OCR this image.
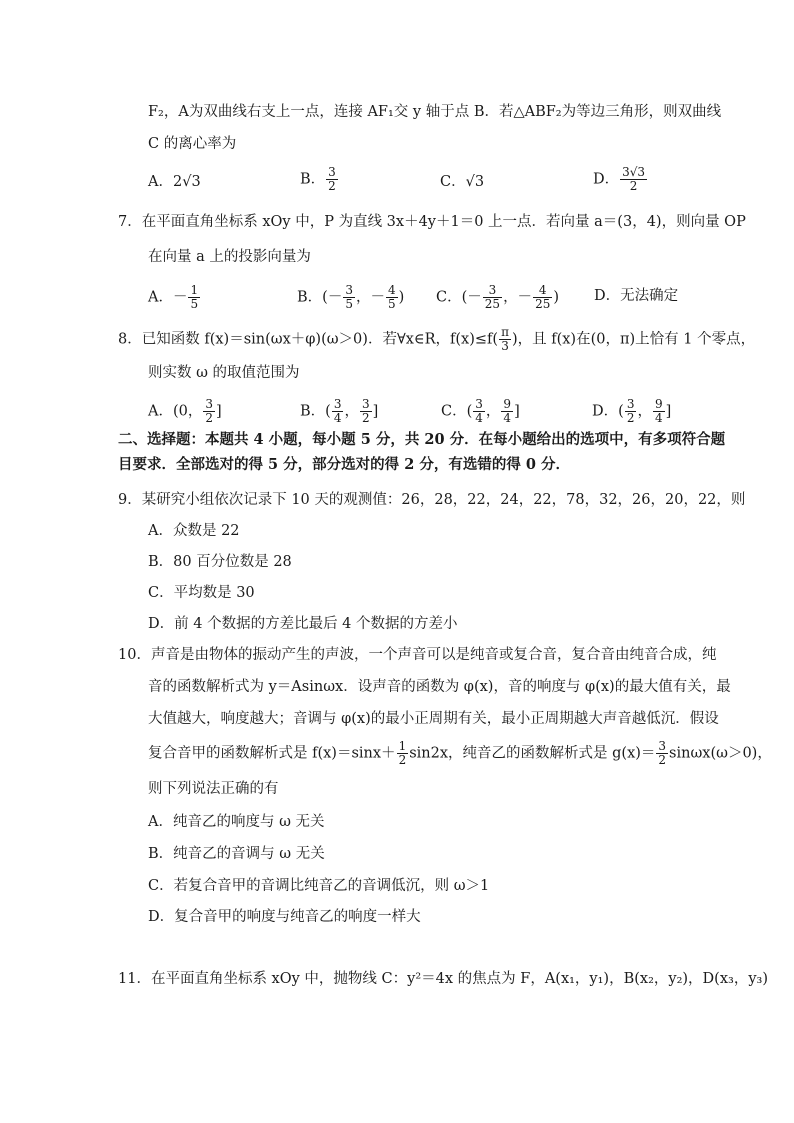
F₂，A为双曲线右支上一点，连接 AF₁交 y 轴于点 B．若△ABF₂为等边三角形，则双曲线
C 的离心率为
A．2√3	B． $\frac{3}{2}$	C．√3	D． $\frac{3√3}{2}$
7．在平面直角坐标系 xOy 中，P 为直线 3x＋4y＋1＝0 上一点．若向量 a＝(3，4)，则向量 OP
在向量 a 上的投影向量为
A．－ $\frac{1}{5}$	B．(－ $\frac{3}{5}$ ，－ $\frac{4}{5}$ ) C．(－ $\frac{3}{25}$ ，－ $\frac{4}{25}$ ) D．无法确定
8．已知函数 f(x)＝sin(ωx＋φ)(ω＞0)．若∀x∈R，$f(x)\le f( \frac{\pi}{3}$ )，且 f(x)在(0，π)上恰有 1 个零点，
则实数 ω 的取值范围为
A．(0， $\frac{3}{2}$ ]	B．( $\frac{3}{4}$ ， $\frac{3}{2}$ ]	C．( $\frac{3}{4}$ ， $\frac{9}{4}$ ]	D．( $\frac{3}{2}$ ， $\frac{9}{4}$ ]
二、选择题：本题共 4 小题，每小题 5 分，共 20 分．在每小题给出的选项中，有多项符合题
目要求．全部选对的得 5 分，部分选对的得 2 分，有选错的得 0 分．
9．某研究小组依次记录下 10 天的观测值：26，28，22，24，22，78，32，26，20，22，则
A．众数是 22
B．80 百分位数是 28
C．平均数是 30
D．前 4 个数据的方差比最后 4 个数据的方差小
10．声音是由物体的振动产生的声波，一个声音可以是纯音或复合音，复合音由纯音合成，纯
音的函数解析式为 y＝Asinωx．设声音的函数为 φ(x)，音的响度与 φ(x)的最大值有关，最
大值越大，响度越大；音调与 φ(x)的最小正周期有关，最小正周期越大声音越低沉．假设
复合音甲的函数解析式是 $f(x)=\sin x+ \frac{1}{2} \sin 2x$，纯音乙的函数解析式是 $g(x)= \frac{3}{2} \sin\omega x(\omega>0)$，
则下列说法正确的有
A．纯音乙的响度与 ω 无关
B．纯音乙的音调与 ω 无关
C．若复合音甲的音调比纯音乙的音调低沉，则 ω＞1
D．复合音甲的响度与纯音乙的响度一样大
11．在平面直角坐标系 xOy 中，抛物线 C：y²＝4x 的焦点为 F，A(x₁，y₁)，B(x₂，y₂)，D(x₃，y₃)
